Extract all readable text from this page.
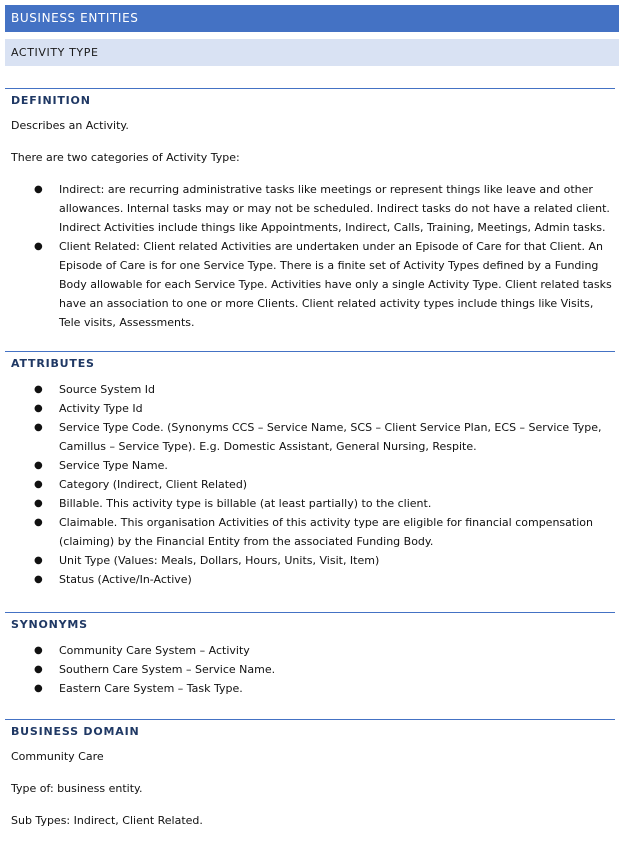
BUSINESS ENTITIES
ACTIVITY TYPE
DEFINITION

Describes an Activity.

There are two categories of Activity Type:

● Indirect: are recurring administrative tasks like meetings or represent things like leave and other allowances. Internal tasks may or may not be scheduled. Indirect tasks do not have a related client. Indirect Activities include things like Appointments, Indirect, Calls, Training, Meetings, Admin tasks.
● Client Related: Client related Activities are undertaken under an Episode of Care for that Client. An Episode of Care is for one Service Type. There is a finite set of Activity Types defined by a Funding Body allowable for each Service Type. Activities have only a single Activity Type. Client related tasks have an association to one or more Clients. Client related activity types include things like Visits, Tele visits, Assessments.
ATTRIBUTES
● Source System Id
● Activity Type Id
● Service Type Code. (Synonyms CCS – Service Name, SCS – Client Service Plan, ECS – Service Type, Camillus – Service Type). E.g. Domestic Assistant, General Nursing, Respite.
● Service Type Name.
● Category (Indirect, Client Related)
● Billable. This activity type is billable (at least partially) to the client.
● Claimable. This organisation Activities of this activity type are eligible for financial compensation (claiming) by the Financial Entity from the associated Funding Body.
● Unit Type (Values: Meals, Dollars, Hours, Units, Visit, Item)
● Status (Active/In-Active)
SYNONYMS
● Community Care System – Activity
● Southern Care System – Service Name.
● Eastern Care System – Task Type.
BUSINESS DOMAIN

Community Care

Type of: business entity.

Sub Types: Indirect, Client Related.
